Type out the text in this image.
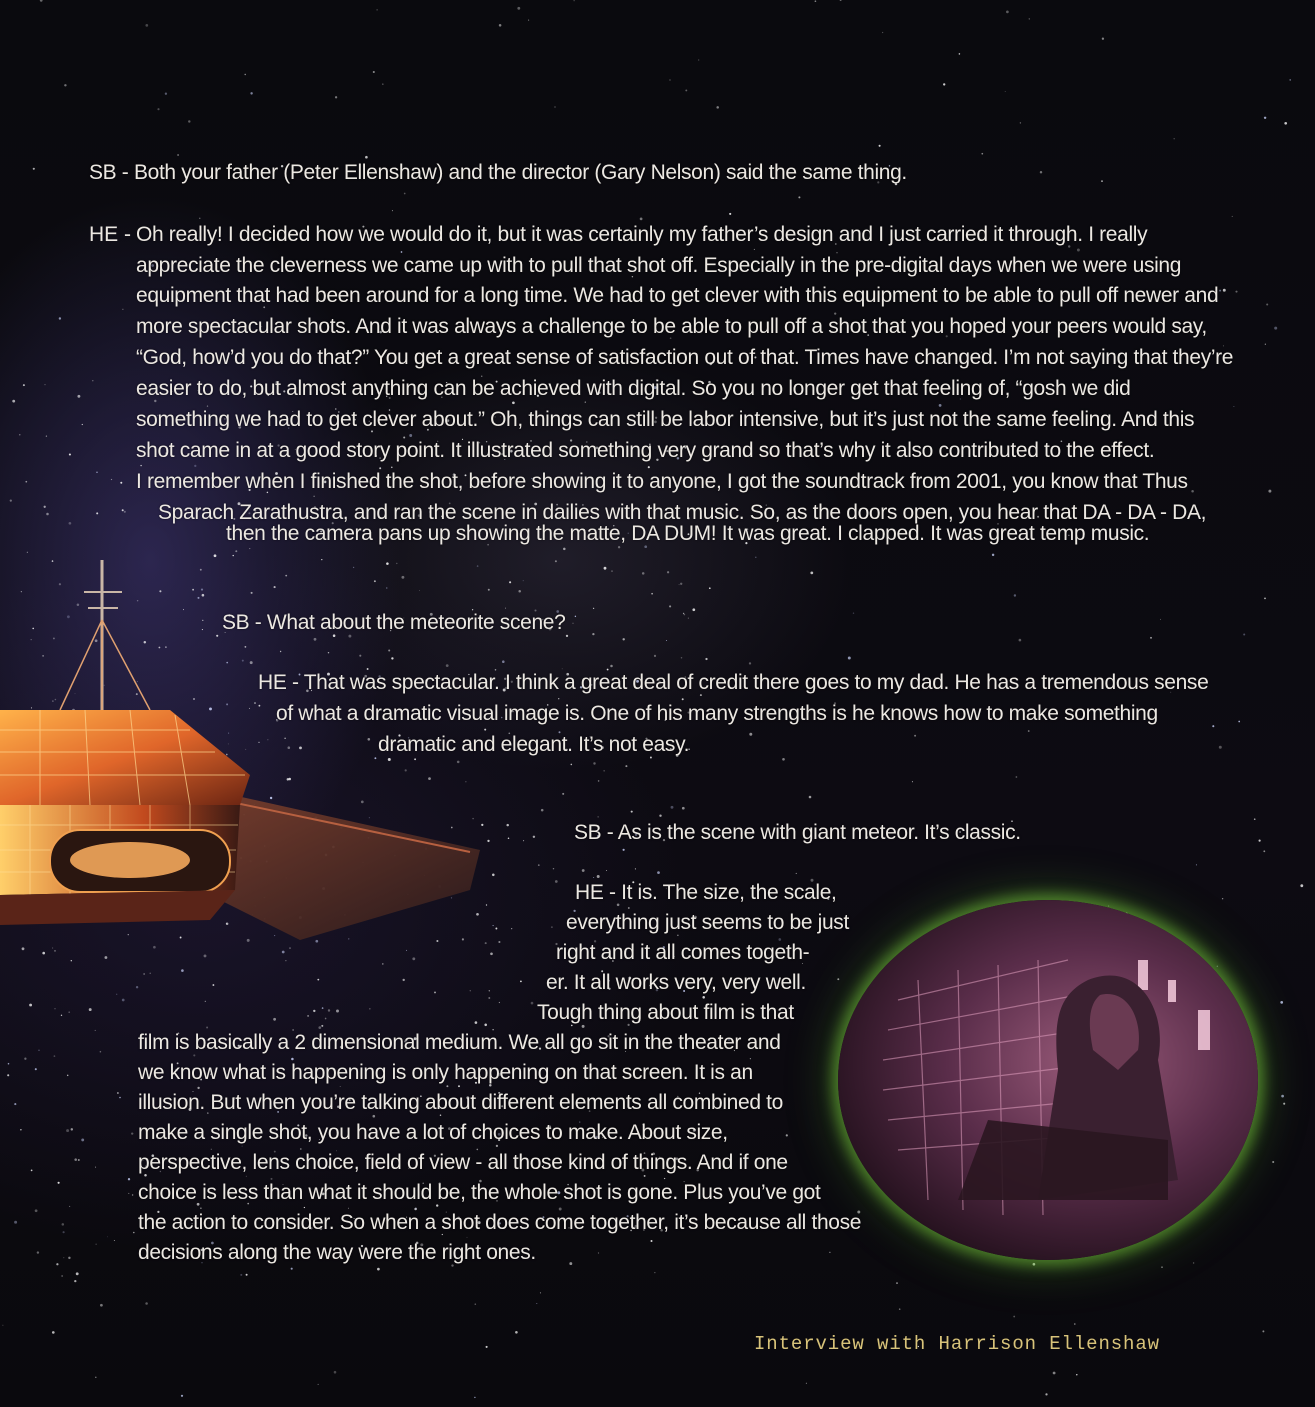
SB - Both your father (Peter Ellenshaw) and the director (Gary Nelson) said the same thing.

HE - Oh really! I decided how we would do it, but it was certainly my father’s design and I just carried it through. I really

appreciate the cleverness we came up with to pull that shot off. Especially in the pre-digital days when we were using

equipment that had been around for a long time. We had to get clever with this equipment to be able to pull off newer and

more spectacular shots. And it was always a challenge to be able to pull off a shot that you hoped your peers would say,

“God, how’d you do that?” You get a great sense of satisfaction out of that. Times have changed. I’m not saying that they’re

easier to do, but almost anything can be achieved with digital. So you no longer get that feeling of, “gosh we did

something we had to get clever about.” Oh, things can still be labor intensive, but it’s just not the same feeling. And this

shot came in at a good story point. It illustrated something very grand so that’s why it also contributed to the effect.

I remember when I finished the shot, before showing it to anyone, I got the soundtrack from 2001, you know that Thus

Sparach Zarathustra, and ran the scene in dailies with that music. So, as the doors open, you hear that DA - DA - DA,

then the camera pans up showing the matte, DA DUM! It was great. I clapped. It was great temp music.

SB - What about the meteorite scene?

HE - That was spectacular. I think a great deal of credit there goes to my dad. He has a tremendous sense

of what a dramatic visual image is. One of his many strengths is he knows how to make something

dramatic and elegant. It’s not easy.

SB - As is the scene with giant meteor. It’s classic.

HE - It is. The size, the scale,

everything just seems to be just

right and it all comes togeth-

er. It all works very, very well.

Tough thing about film is that

film is basically a 2 dimensional medium. We all go sit in the theater and

we know what is happening is only happening on that screen. It is an

illusion. But when you’re talking about different elements all combined to

make a single shot, you have a lot of choices to make. About size,

perspective, lens choice, field of view - all those kind of things. And if one

choice is less than what it should be, the whole shot is gone. Plus you’ve got

the action to consider. So when a shot does come together, it’s because all those

decisions along the way were the right ones.

Interview with Harrison Ellenshaw
